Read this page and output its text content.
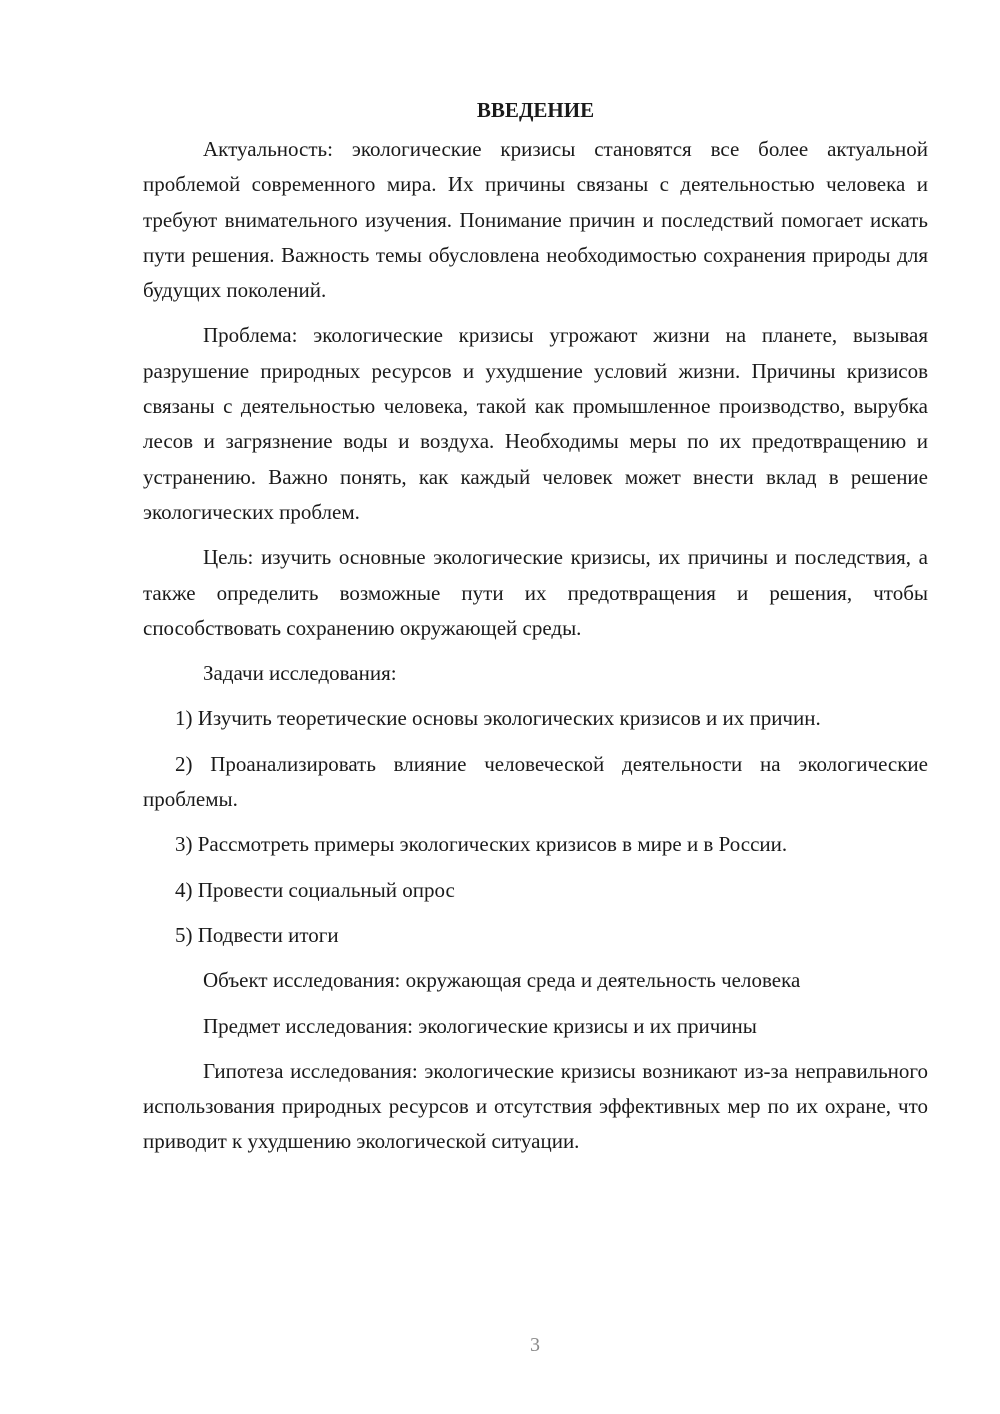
ВВЕДЕНИЕ

Актуальность: экологические кризисы становятся все более актуальной проблемой современного мира. Их причины связаны с деятельностью человека и требуют внимательного изучения. Понимание причин и последствий помогает искать пути решения. Важность темы обусловлена необходимостью сохранения природы для будущих поколений.

Проблема: экологические кризисы угрожают жизни на планете, вызывая разрушение природных ресурсов и ухудшение условий жизни. Причины кризисов связаны с деятельностью человека, такой как промышленное производство, вырубка лесов и загрязнение воды и воздуха. Необходимы меры по их предотвращению и устранению. Важно понять, как каждый человек может внести вклад в решение экологических проблем.

Цель: изучить основные экологические кризисы, их причины и последствия, а также определить возможные пути их предотвращения и решения, чтобы способствовать сохранению окружающей среды.

Задачи исследования:

1) Изучить теоретические основы экологических кризисов и их причин.

2) Проанализировать влияние человеческой деятельности на экологические проблемы.

3) Рассмотреть примеры экологических кризисов в мире и в России.

4) Провести социальный опрос

5) Подвести итоги

Объект исследования: окружающая среда и деятельность человека

Предмет исследования: экологические кризисы и их причины

Гипотеза исследования: экологические кризисы возникают из-за неправильного использования природных ресурсов и отсутствия эффективных мер по их охране, что приводит к ухудшению экологической ситуации.

3
